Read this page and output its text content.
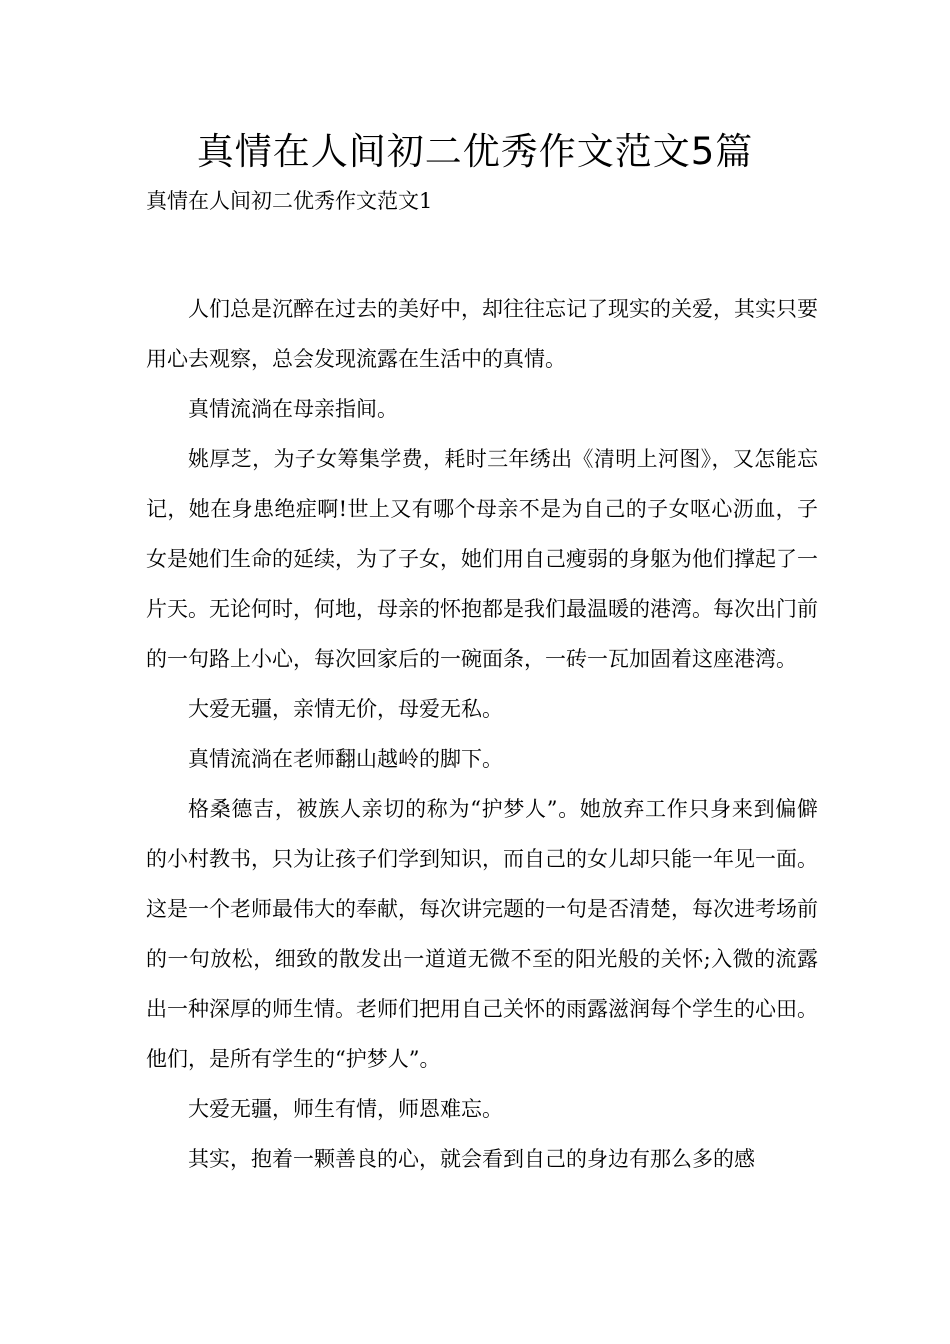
真情在人间初二优秀作文范文5篇
真情在人间初二优秀作文范文1

人们总是沉醉在过去的美好中，却往往忘记了现实的关爱，其实只要用心去观察，总会发现流露在生活中的真情。

真情流淌在母亲指间。

姚厚芝，为子女筹集学费，耗时三年绣出《清明上河图》，又怎能忘记，她在身患绝症啊!世上又有哪个母亲不是为自己的子女呕心沥血，子女是她们生命的延续，为了子女，她们用自己瘦弱的身躯为他们撑起了一片天。无论何时，何地，母亲的怀抱都是我们最温暖的港湾。每次出门前的一句路上小心，每次回家后的一碗面条，一砖一瓦加固着这座港湾。

大爱无疆，亲情无价，母爱无私。

真情流淌在老师翻山越岭的脚下。

格桑德吉，被族人亲切的称为“护梦人”。她放弃工作只身来到偏僻的小村教书，只为让孩子们学到知识，而自己的女儿却只能一年见一面。这是一个老师最伟大的奉献，每次讲完题的一句是否清楚，每次进考场前的一句放松，细致的散发出一道道无微不至的阳光般的关怀;入微的流露出一种深厚的师生情。老师们把用自己关怀的雨露滋润每个学生的心田。他们，是所有学生的“护梦人”。

大爱无疆，师生有情，师恩难忘。

其实，抱着一颗善良的心，就会看到自己的身边有那么多的感
